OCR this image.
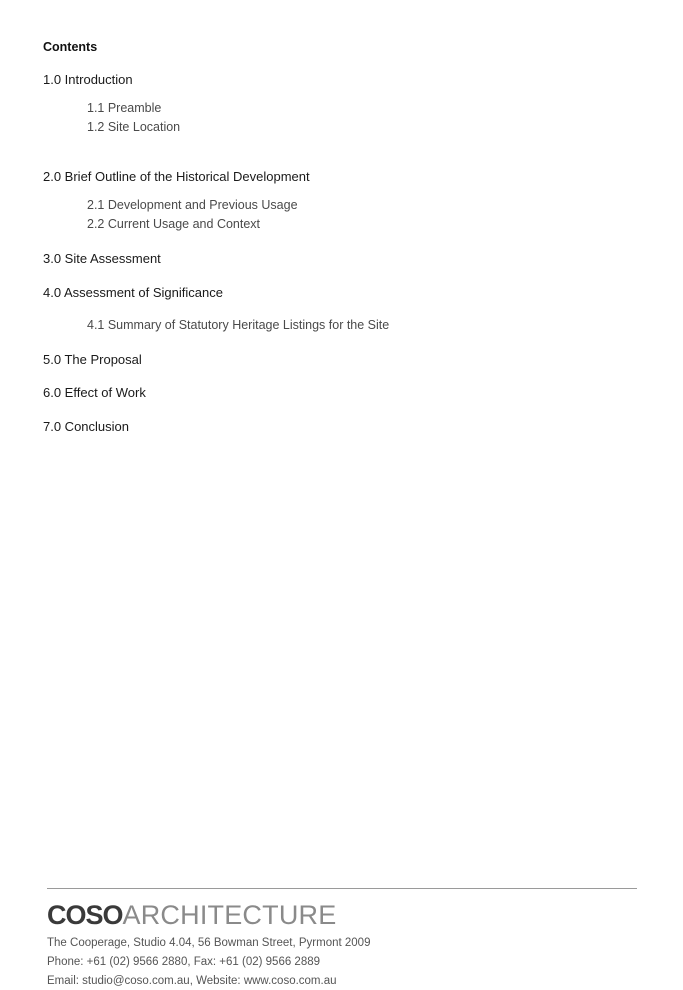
Contents
1.0 Introduction
1.1 Preamble
1.2 Site Location
2.0 Brief Outline of the Historical Development
2.1 Development and Previous Usage
2.2 Current Usage and Context
3.0 Site Assessment
4.0 Assessment of Significance
4.1 Summary of Statutory Heritage Listings for the Site
5.0 The Proposal
6.0 Effect of Work
7.0 Conclusion
COSOARCHITECTURE
The Cooperage, Studio 4.04, 56 Bowman Street, Pyrmont 2009
Phone: +61 (02) 9566 2880, Fax: +61 (02) 9566 2889
Email: studio@coso.com.au, Website: www.coso.com.au
